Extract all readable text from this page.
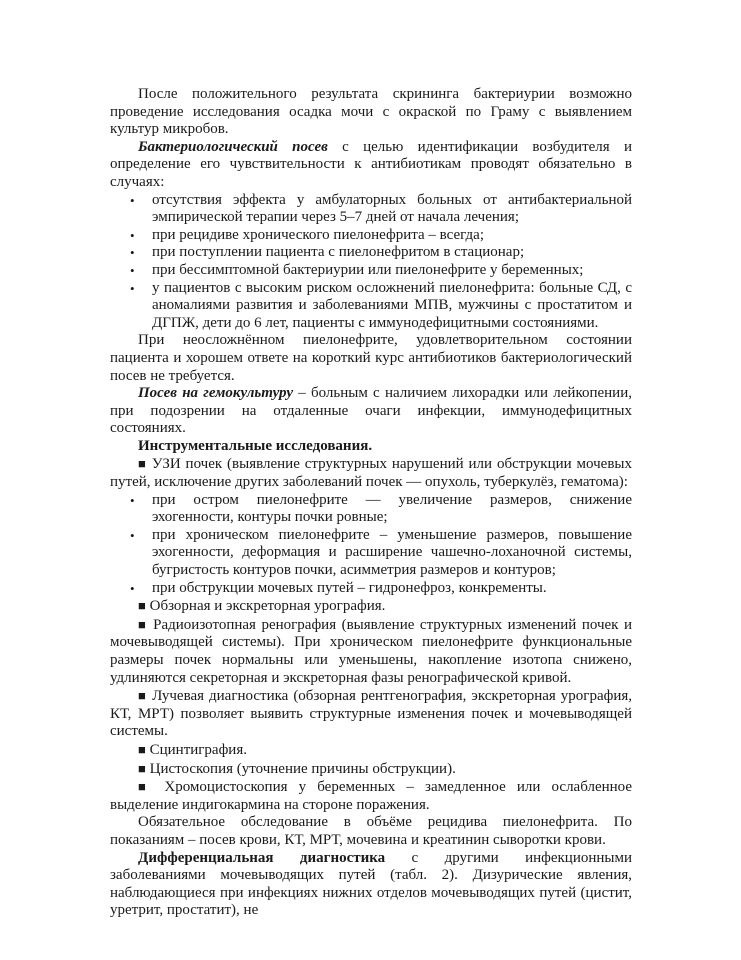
После положительного результата скрининга бактериурии возможно проведение исследования осадка мочи с окраской по Граму с выявлением культур микробов.

Бактериологический посев с целью идентификации возбудителя и определение его чувствительности к антибиотикам проводят обязательно в случаях:

• отсутствия эффекта у амбулаторных больных от антибактериальной эмпирической терапии через 5–7 дней от начала лечения;
• при рецидиве хронического пиелонефрита – всегда;
• при поступлении пациента с пиелонефритом в стационар;
• при бессимптомной бактериурии или пиелонефрите у беременных;
• у пациентов с высоким риском осложнений пиелонефрита: больные СД, с аномалиями развития и заболеваниями МПВ, мужчины с простатитом и ДГПЖ, дети до 6 лет, пациенты с иммунодефицитными состояниями.

При неосложнённом пиелонефрите, удовлетворительном состоянии пациента и хорошем ответе на короткий курс антибиотиков бактериологический посев не требуется.

Посев на гемокультуру – больным с наличием лихорадки или лейкопении, при подозрении на отдаленные очаги инфекции, иммунодефицитных состояниях.

Инструментальные исследования.

■ УЗИ почек (выявление структурных нарушений или обструкции мочевых путей, исключение других заболеваний почек — опухоль, туберкулёз, гематома):

• при остром пиелонефрите — увеличение размеров, снижение эхогенности, контуры почки ровные;
• при хроническом пиелонефрите – уменьшение размеров, повышение эхогенности, деформация и расширение чашечно-лоханочной системы, бугристость контуров почки, асимметрия размеров и контуров;
• при обструкции мочевых путей – гидронефроз, конкременты.

■ Обзорная и экскреторная урография.

■ Радиоизотопная ренография (выявление структурных изменений почек и мочевыводящей системы). При хроническом пиелонефрите функциональные размеры почек нормальны или уменьшены, накопление изотопа снижено, удлиняются секреторная и экскреторная фазы ренографической кривой.

■ Лучевая диагностика (обзорная рентгенография, экскреторная урография, КТ, МРТ) позволяет выявить структурные изменения почек и мочевыводящей системы.

■ Сцинтиграфия.

■ Цистоскопия (уточнение причины обструкции).

■ Хромоцистоскопия у беременных – замедленное или ослабленное выделение индигокармина на стороне поражения.

Обязательное обследование в объёме рецидива пиелонефрита. По показаниям – посев крови, КТ, МРТ, мочевина и креатинин сыворотки крови.

Дифференциальная диагностика с другими инфекционными заболеваниями мочевыводящих путей (табл. 2). Дизурические явления, наблюдающиеся при инфекциях нижних отделов мочевыводящих путей (цистит, уретрит, простатит), не
